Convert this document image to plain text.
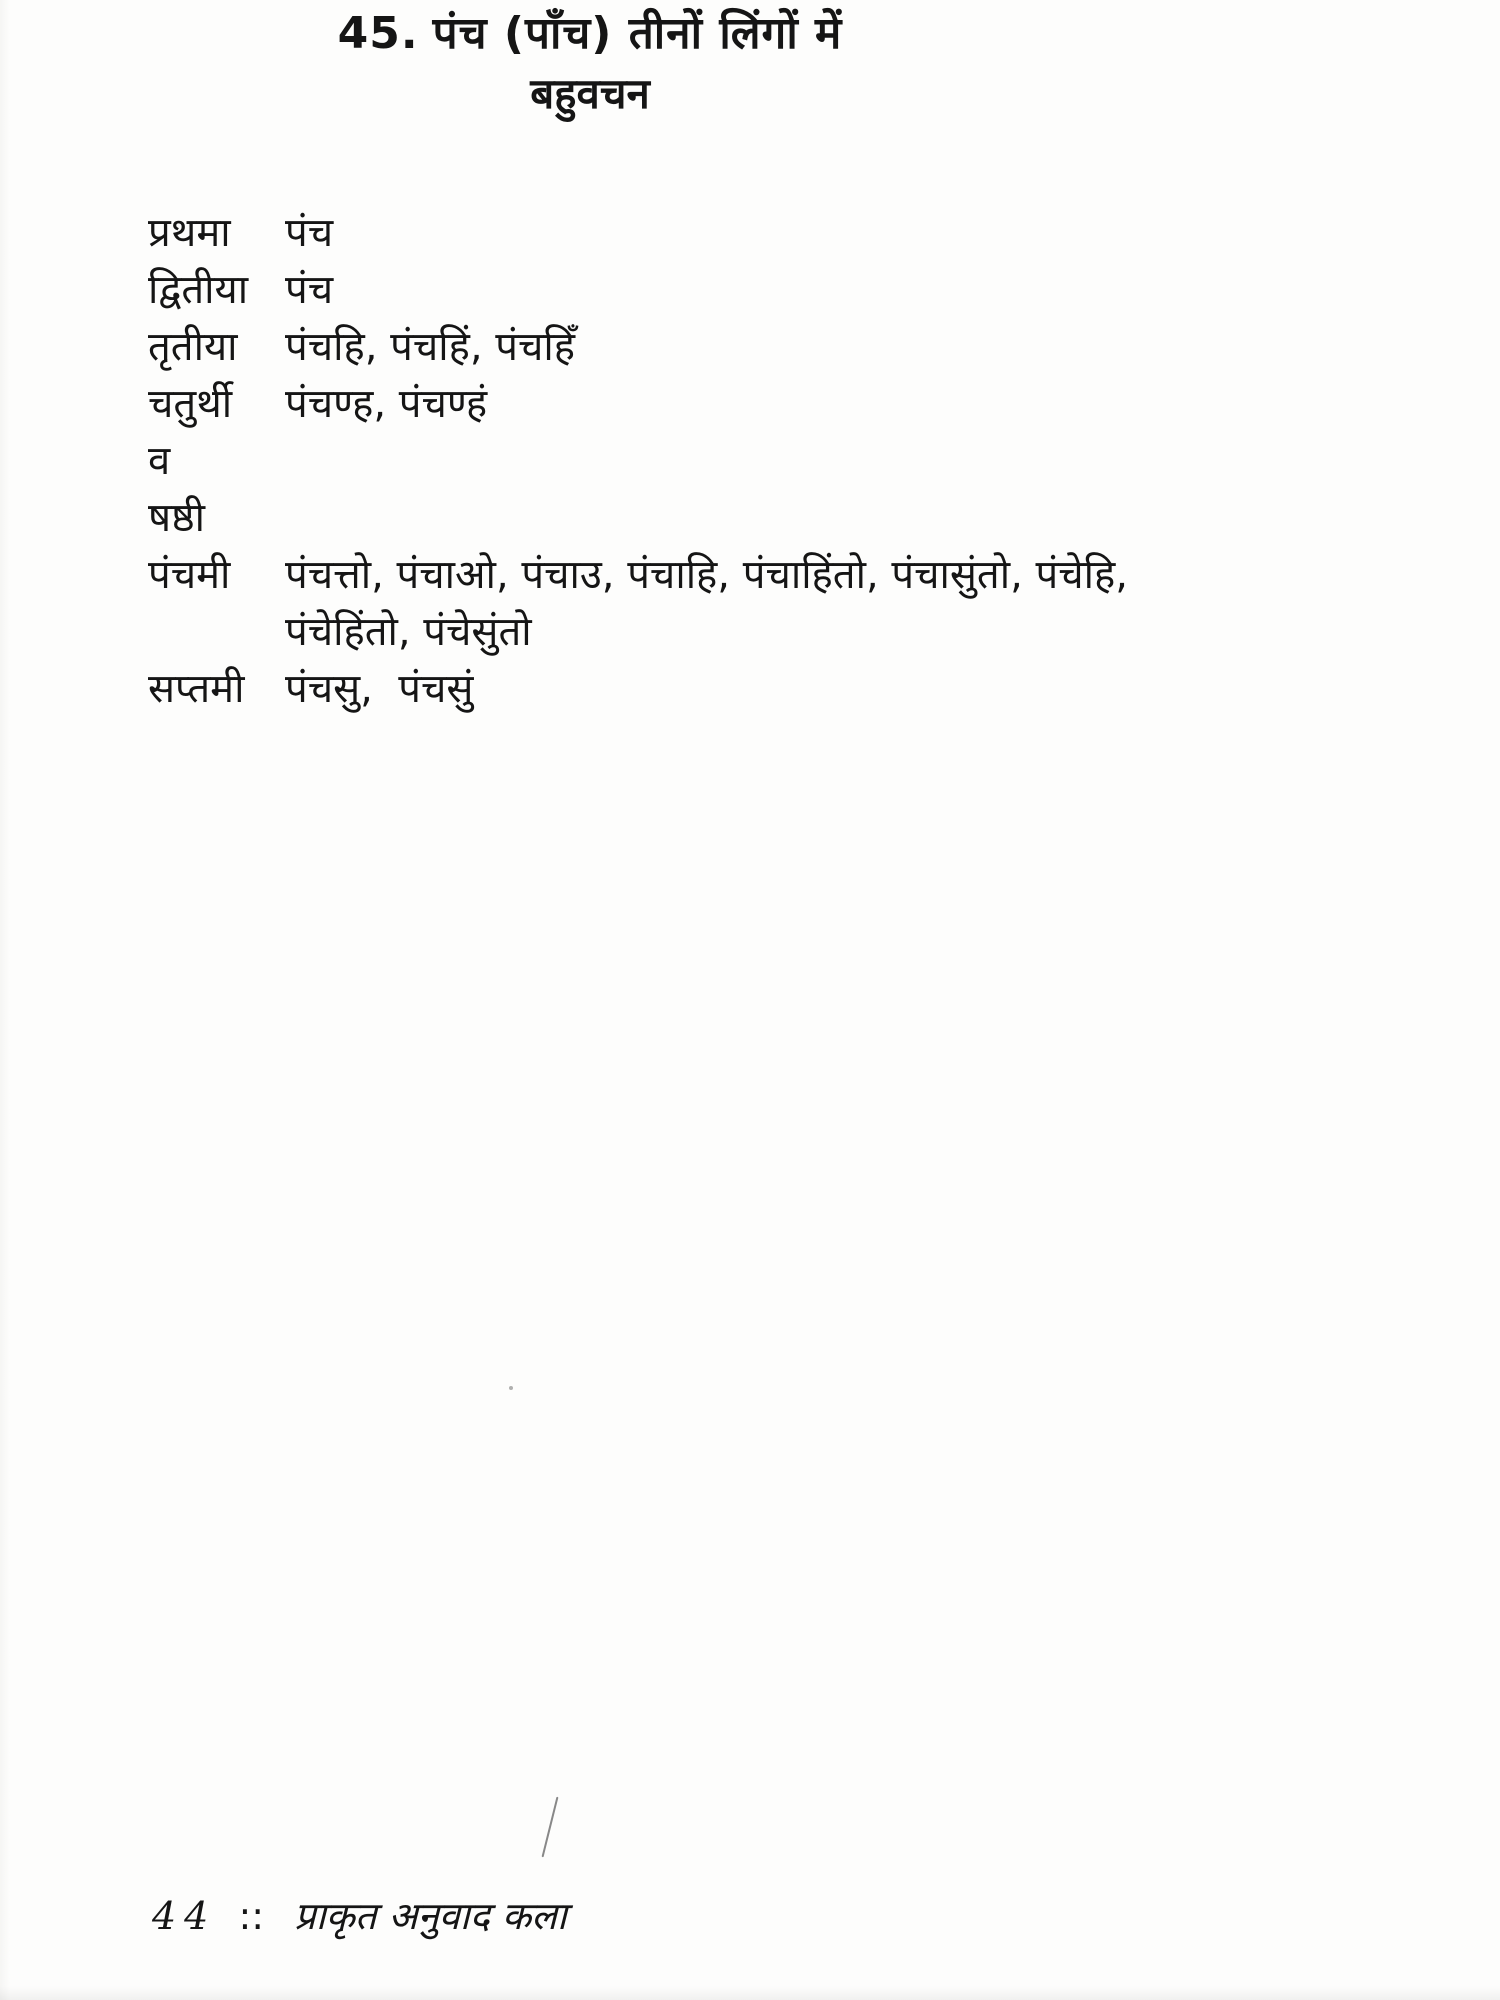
45. पंच (पाँच) तीनों लिंगों में
बहुवचन
प्रथमा	पंच
द्वितीया पंच
तृतीया	पंचहि, पंचहिं, पंचहिँ
चतुर्थी	पंचण्ह, पंचण्हं
व
षष्ठी
पंचमी	पंचत्तो, पंचाओ, पंचाउ, पंचाहि, पंचाहिंतो, पंचासुंतो, पंचेहि,
पंचेहिंतो, पंचेसुंतो
सप्तमी	पंचसु,  पंचसुं
44 :: प्राकृत अनुवाद कला
